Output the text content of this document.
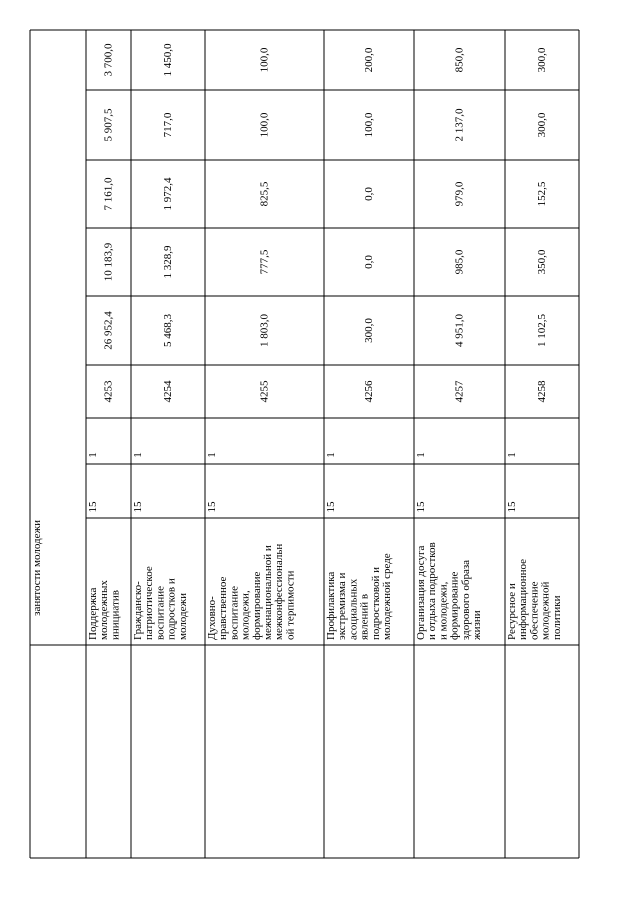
занятости молодежи	Поддержка молодежных инициатив
15
1
4253
26 952,4
10 183,9
7 161,0
5 907,5
3 700,0
Гражданско- патриотическое воспитание подростков и молодежи
15
1
4254
5 468,3
1 328,9
1 972,4
717,0
1 450,0
Духовно- нравственное воспитание молодежи, формирование межнациональной и межконфессиональн ой терпимости
15
1
4255
1 803,0
777,5
825,5
100,0
100,0
Профилактика экстремизма и асоциальных явлений в подростковой и молодежной среде
15
1
4256
300,0
0,0
0,0
100,0
200,0
Организация досуга и отдыха подростков и молодежи, формирование здорового образа жизни
15
1
4257
4 951,0
985,0
979,0
2 137,0
850,0
Ресурсное и информационное обеспечение молодежной политики
15
1
4258
1 102,5
350,0
152,5
300,0
300,0
